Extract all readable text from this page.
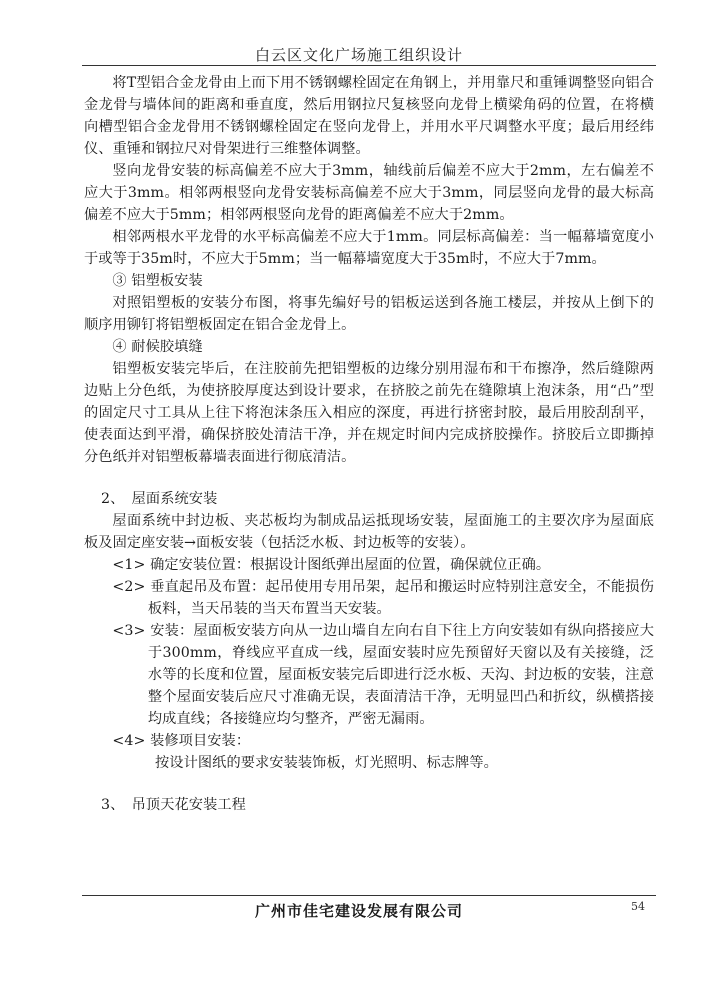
白云区文化广场施工组织设计

将T型铝合金龙骨由上而下用不锈钢螺栓固定在角钢上，并用靠尺和重锤调整竖向铝合金龙骨与墙体间的距离和垂直度，然后用钢拉尺复核竖向龙骨上横梁角码的位置，在将横向槽型铝合金龙骨用不锈钢螺栓固定在竖向龙骨上，并用水平尺调整水平度；最后用经纬仪、重锤和钢拉尺对骨架进行三维整体调整。

竖向龙骨安装的标高偏差不应大于3mm，轴线前后偏差不应大于2mm，左右偏差不应大于3mm。相邻两根竖向龙骨安装标高偏差不应大于3mm，同层竖向龙骨的最大标高偏差不应大于5mm；相邻两根竖向龙骨的距离偏差不应大于2mm。

相邻两根水平龙骨的水平标高偏差不应大于1mm。同层标高偏差：当一幅幕墙宽度小于或等于35m时，不应大于5mm；当一幅幕墙宽度大于35m时，不应大于7mm。

③ 铝塑板安装

对照铝塑板的安装分布图，将事先编好号的铝板运送到各施工楼层，并按从上倒下的顺序用铆钉将铝塑板固定在铝合金龙骨上。

④ 耐候胶填缝

铝塑板安装完毕后，在注胶前先把铝塑板的边缘分别用湿布和干布擦净，然后缝隙两边贴上分色纸，为使挤胶厚度达到设计要求，在挤胶之前先在缝隙填上泡沫条，用“凸”型的固定尺寸工具从上往下将泡沫条压入相应的深度，再进行挤密封胶，最后用胶刮刮平，使表面达到平滑，确保挤胶处清洁干净，并在规定时间内完成挤胶操作。挤胶后立即撕掉分色纸并对铝塑板幕墙表面进行彻底清洁。

2、　屋面系统安装

屋面系统中封边板、夹芯板均为制成品运抵现场安装，屋面施工的主要次序为屋面底板及固定座安装→面板安装（包括泛水板、封边板等的安装）。

<1> 确定安装位置：根据设计图纸弹出屋面的位置，确保就位正确。

<2> 垂直起吊及布置：起吊使用专用吊架，起吊和搬运时应特别注意安全，不能损伤板料，当天吊装的当天布置当天安装。

<3> 安装：屋面板安装方向从一边山墙自左向右自下往上方向安装如有纵向搭接应大于300mm，脊线应平直成一线，屋面安装时应先预留好天窗以及有关接缝，泛水等的长度和位置，屋面板安装完后即进行泛水板、天沟、封边板的安装，注意整个屋面安装后应尺寸准确无误，表面清洁干净，无明显凹凸和折纹，纵横搭接均成直线；各接缝应均匀整齐，严密无漏雨。

<4> 装修项目安装：

按设计图纸的要求安装装饰板，灯光照明、标志牌等。

3、　吊顶天花安装工程

广州市佳宅建设发展有限公司	54
